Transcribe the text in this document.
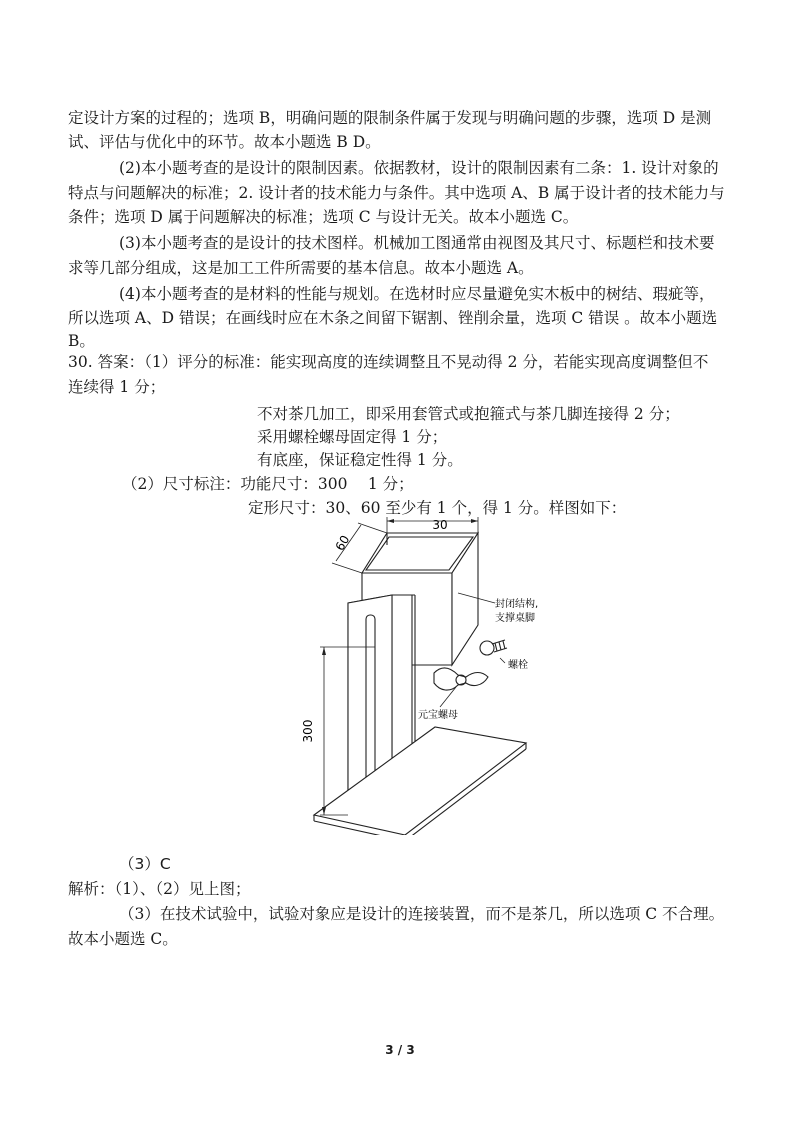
定设计方案的过程的；选项 B，明确问题的限制条件属于发现与明确问题的步骤，选项 D 是测
试、评估与优化中的环节。故本小题选 B D。
(2)本小题考查的是设计的限制因素。依据教材，设计的限制因素有二条：1. 设计对象的
特点与问题解决的标准；2. 设计者的技术能力与条件。其中选项 A、B 属于设计者的技术能力与
条件；选项 D 属于问题解决的标准；选项 C 与设计无关。故本小题选 C。
(3)本小题考查的是设计的技术图样。机械加工图通常由视图及其尺寸、标题栏和技术要
求等几部分组成，这是加工工件所需要的基本信息。故本小题选 A。
(4)本小题考查的是材料的性能与规划。在选材时应尽量避免实木板中的树结、瑕疵等，
所以选项 A、D 错误；在画线时应在木条之间留下锯割、锉削余量，选项 C 错误 。故本小题选
B。
30. 答案：（1）评分的标准：能实现高度的连续调整且不晃动得 2 分，若能实现高度调整但不
连续得 1 分；
不对茶几加工，即采用套管式或抱箍式与茶几脚连接得 2 分；
采用螺栓螺母固定得 1 分；
有底座，保证稳定性得 1 分。
（2）尺寸标注：功能尺寸：300　 1 分；
定形尺寸：30、60 至少有 1 个，得 1 分。样图如下：
30
60
300
封闭结构,
支撑桌脚
螺栓
元宝螺母
（3）C
解析：（1）、（2）见上图；
（3）在技术试验中，试验对象应是设计的连接装置，而不是茶几，所以选项 C 不合理。
故本小题选 C。
3 / 3
